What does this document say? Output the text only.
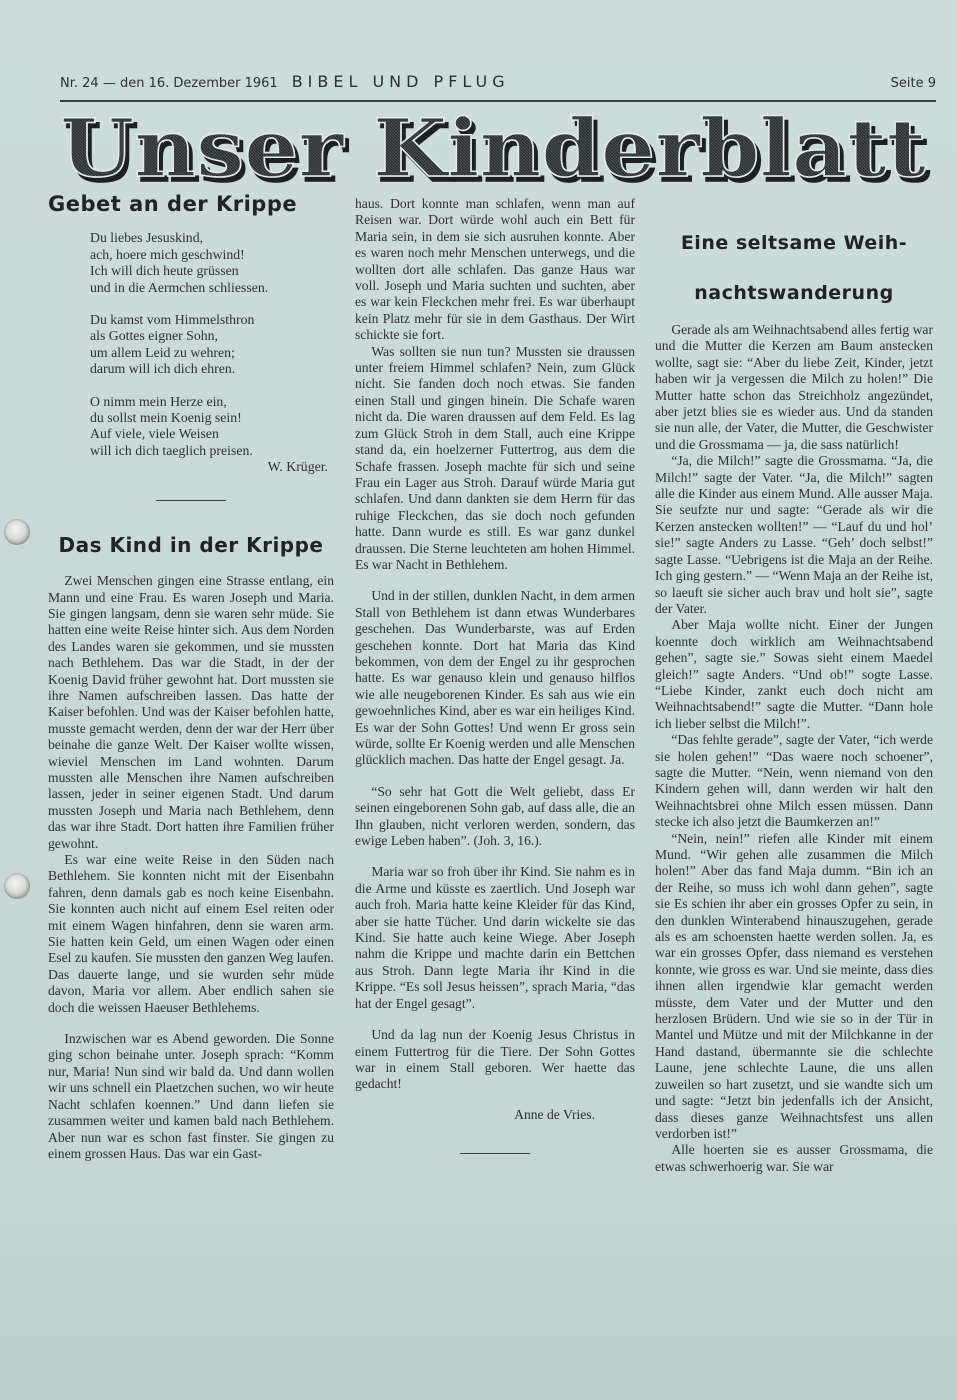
Nr. 24 — den 16. Dezember 1961 BIBEL UND PFLUG	Seite 9
Unser Kinderblatt
Gebet an der Krippe
Du liebes Jesuskind,
ach, hoere mich geschwind!
Ich will dich heute grüssen
und in die Aermchen schliessen.
Du kamst vom Himmelsthron
als Gottes eigner Sohn,
um allem Leid zu wehren;
darum will ich dich ehren.
O nimm mein Herze ein,
du sollst mein Koenig sein!
Auf viele, viele Weisen
will ich dich taeglich preisen.
W. Krüger.
Das Kind in der Krippe

Zwei Menschen gingen eine Strasse entlang, ein Mann und eine Frau. Es waren Joseph und Maria. Sie gingen langsam, denn sie waren sehr müde. Sie hatten eine weite Reise hinter sich. Aus dem Norden des Landes waren sie gekommen, und sie mussten nach Bethlehem. Das war die Stadt, in der der Koenig David früher gewohnt hat. Dort mussten sie ihre Namen aufschreiben lassen. Das hatte der Kaiser befohlen. Und was der Kaiser befohlen hatte, musste gemacht werden, denn der war der Herr über beinahe die ganze Welt. Der Kaiser wollte wissen, wieviel Menschen im Land wohnten. Darum mussten alle Menschen ihre Namen aufschreiben lassen, jeder in seiner eigenen Stadt. Und darum mussten Joseph und Maria nach Bethlehem, denn das war ihre Stadt. Dort hatten ihre Familien früher gewohnt.

Es war eine weite Reise in den Süden nach Bethlehem. Sie konnten nicht mit der Eisenbahn fahren, denn damals gab es noch keine Eisenbahn. Sie konnten auch nicht auf einem Esel reiten oder mit einem Wagen hinfahren, denn sie waren arm. Sie hatten kein Geld, um einen Wagen oder einen Esel zu kaufen. Sie mussten den ganzen Weg laufen. Das dauerte lange, und sie wurden sehr müde davon, Maria vor allem. Aber endlich sahen sie doch die weissen Haeuser Bethlehems.

Inzwischen war es Abend geworden. Die Sonne ging schon beinahe unter. Joseph sprach: “Komm nur, Maria! Nun sind wir bald da. Und dann wollen wir uns schnell ein Plaetzchen suchen, wo wir heute Nacht schlafen koennen.” Und dann liefen sie zusammen weiter und kamen bald nach Bethlehem. Aber nun war es schon fast finster. Sie gingen zu einem grossen Haus. Das war ein Gast-

haus. Dort konnte man schlafen, wenn man auf Reisen war. Dort würde wohl auch ein Bett für Maria sein, in dem sie sich ausruhen konnte. Aber es waren noch mehr Menschen unterwegs, und die wollten dort alle schlafen. Das ganze Haus war voll. Joseph und Maria suchten und suchten, aber es war kein Fleckchen mehr frei. Es war überhaupt kein Platz mehr für sie in dem Gasthaus. Der Wirt schickte sie fort.

Was sollten sie nun tun? Mussten sie draussen unter freiem Himmel schlafen? Nein, zum Glück nicht. Sie fanden doch noch etwas. Sie fanden einen Stall und gingen hinein. Die Schafe waren nicht da. Die waren draussen auf dem Feld. Es lag zum Glück Stroh in dem Stall, auch eine Krippe stand da, ein hoelzerner Futtertrog, aus dem die Schafe frassen. Joseph machte für sich und seine Frau ein Lager aus Stroh. Darauf würde Maria gut schlafen. Und dann dankten sie dem Herrn für das ruhige Fleckchen, das sie doch noch gefunden hatte. Dann wurde es still. Es war ganz dunkel draussen. Die Sterne leuchteten am hohen Himmel. Es war Nacht in Bethlehem.

Und in der stillen, dunklen Nacht, in dem armen Stall von Bethlehem ist dann etwas Wunderbares geschehen. Das Wunderbarste, was auf Erden geschehen konnte. Dort hat Maria das Kind bekommen, von dem der Engel zu ihr gesprochen hatte. Es war genauso klein und genauso hilflos wie alle neugeborenen Kinder. Es sah aus wie ein gewoehnliches Kind, aber es war ein heiliges Kind. Es war der Sohn Gottes! Und wenn Er gross sein würde, sollte Er Koenig werden und alle Menschen glücklich machen. Das hatte der Engel gesagt. Ja.

“So sehr hat Gott die Welt geliebt, dass Er seinen eingeborenen Sohn gab, auf dass alle, die an Ihn glauben, nicht verloren werden, sondern, das ewige Leben haben”. (Joh. 3, 16.).

Maria war so froh über ihr Kind. Sie nahm es in die Arme und küsste es zaertlich. Und Joseph war auch froh. Maria hatte keine Kleider für das Kind, aber sie hatte Tücher. Und darin wickelte sie das Kind. Sie hatte auch keine Wiege. Aber Joseph nahm die Krippe und machte darin ein Bettchen aus Stroh. Dann legte Maria ihr Kind in die Krippe. “Es soll Jesus heissen”, sprach Maria, “das hat der Engel gesagt”.

Und da lag nun der Koenig Jesus Christus in einem Futtertrog für die Tiere. Der Sohn Gottes war in einem Stall geboren. Wer haette das gedacht!

Anne de Vries.
Eine seltsame Weih-
nachtswanderung

Gerade als am Weihnachtsabend alles fertig war und die Mutter die Kerzen am Baum anstecken wollte, sagt sie: “Aber du liebe Zeit, Kinder, jetzt haben wir ja vergessen die Milch zu holen!” Die Mutter hatte schon das Streichholz angezündet, aber jetzt blies sie es wieder aus. Und da standen sie nun alle, der Vater, die Mutter, die Geschwister und die Grossmama — ja, die sass natürlich!

“Ja, die Milch!” sagte die Grossmama. “Ja, die Milch!” sagte der Vater. “Ja, die Milch!” sagten alle die Kinder aus einem Mund. Alle ausser Maja. Sie seufzte nur und sagte: “Gerade als wir die Kerzen anstecken wollten!” — “Lauf du und hol’ sie!” sagte Anders zu Lasse. “Geh’ doch selbst!” sagte Lasse. “Uebrigens ist die Maja an der Reihe. Ich ging gestern.” — “Wenn Maja an der Reihe ist, so laeuft sie sicher auch brav und holt sie”, sagte der Vater.

Aber Maja wollte nicht. Einer der Jungen koennte doch wirklich am Weihnachtsabend gehen”, sagte sie.” Sowas sieht einem Maedel gleich!” sagte Anders. “Und ob!” sogte Lasse. “Liebe Kinder, zankt euch doch nicht am Weihnachtsabend!” sagte die Mutter. “Dann hole ich lieber selbst die Milch!”.

“Das fehlte gerade”, sagte der Vater, “ich werde sie holen gehen!” “Das waere noch schoener”, sagte die Mutter. “Nein, wenn niemand von den Kindern gehen will, dann werden wir halt den Weihnachtsbrei ohne Milch essen müssen. Dann stecke ich also jetzt die Baumkerzen an!”

“Nein, nein!” riefen alle Kinder mit einem Mund. “Wir gehen alle zusammen die Milch holen!” Aber das fand Maja dumm. “Bin ich an der Reihe, so muss ich wohl dann gehen”, sagte sie Es schien ihr aber ein grosses Opfer zu sein, in den dunklen Winterabend hinauszugehen, gerade als es am schoensten haette werden sollen. Ja, es war ein grosses Opfer, dass niemand es verstehen konnte, wie gross es war. Und sie meinte, dass dies ihnen allen irgendwie klar gemacht werden müsste, dem Vater und der Mutter und den herzlosen Brüdern. Und wie sie so in der Tür in Mantel und Mütze und mit der Milchkanne in der Hand dastand, übermannte sie die schlechte Laune, jene schlechte Laune, die uns allen zuweilen so hart zusetzt, und sie wandte sich um und sagte: “Jetzt bin jedenfalls ich der Ansicht, dass dieses ganze Weihnachtsfest uns allen verdorben ist!”

Alle hoerten sie es ausser Grossmama, die etwas schwerhoerig war. Sie war
